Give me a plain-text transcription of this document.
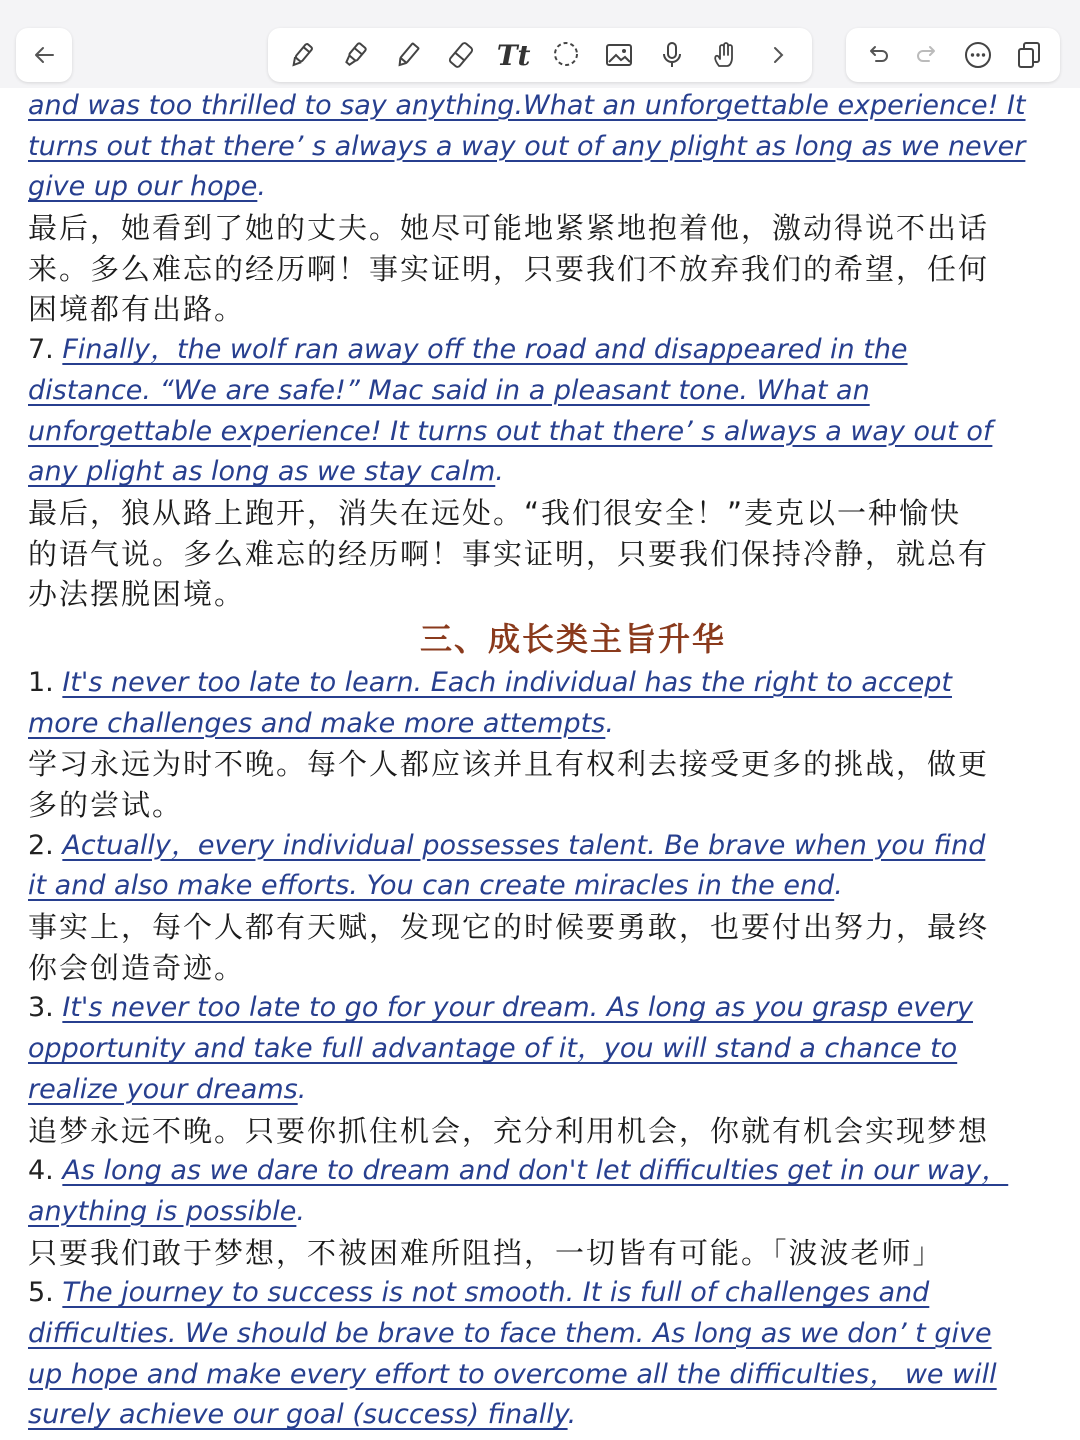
Tt
and was too thrilled to say anything.What an unforgettable experience! It
turns out that there’ s always a way out of any plight as long as we never
give up our hope.
最后，她看到了她的丈夫。她尽可能地紧紧地抱着他，激动得说不出话
来。多么难忘的经历啊！事实证明，只要我们不放弃我们的希望，任何
困境都有出路。
7. Finally，the wolf ran away off the road and disappeared in the
distance. “We are safe!” Mac said in a pleasant tone. What an
unforgettable experience! It turns out that there’ s always a way out of
any plight as long as we stay calm.
最后，狼从路上跑开，消失在远处。“我们很安全！”麦克以一种愉快
的语气说。多么难忘的经历啊！事实证明，只要我们保持冷静，就总有
办法摆脱困境。
三、成长类主旨升华
1. It's never too late to learn. Each individual has the right to accept
more challenges and make more attempts.
学习永远为时不晚。每个人都应该并且有权利去接受更多的挑战，做更
多的尝试。
2. Actually，every individual possesses talent. Be brave when you find
it and also make efforts. You can create miracles in the end.
事实上，每个人都有天赋，发现它的时候要勇敢，也要付出努力，最终
你会创造奇迹。
3. It's never too late to go for your dream. As long as you grasp every
opportunity and take full advantage of it，you will stand a chance to
realize your dreams.
追梦永远不晚。只要你抓住机会，充分利用机会，你就有机会实现梦想
4. As long as we dare to dream and don't let difficulties get in our way，
anything is possible.
只要我们敢于梦想，不被困难所阻挡，一切皆有可能。「波波老师」
5. The journey to success is not smooth. It is full of challenges and
difficulties. We should be brave to face them. As long as we don’ t give
up hope and make every effort to overcome all the difficulties， we will
surely achieve our goal (success) finally.
